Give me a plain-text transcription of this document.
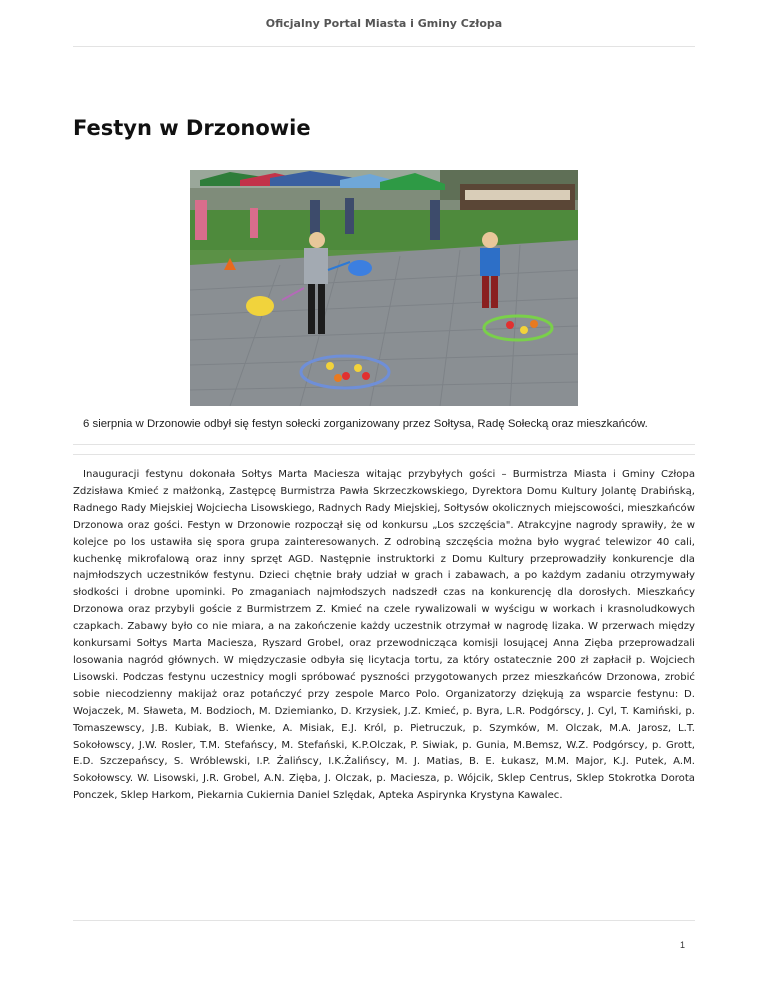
Oficjalny Portal Miasta i Gminy Człopa
Festyn w Drzonowie
6 sierpnia w Drzonowie odbył się festyn sołecki zorganizowany przez Sołtysa, Radę Sołecką oraz mieszkańców.

Inauguracji festynu dokonała Sołtys Marta Maciesza witając przybyłych gości – Burmistrza Miasta i Gminy Człopa Zdzisława Kmieć z małżonką, Zastępcę Burmistrza Pawła Skrzeczkowskiego, Dyrektora Domu Kultury Jolantę Drabińską, Radnego Rady Miejskiej Wojciecha Lisowskiego, Radnych Rady Miejskiej, Sołtysów okolicznych miejscowości, mieszkańców Drzonowa oraz gości. Festyn w Drzonowie rozpoczął się od konkursu „Los szczęścia". Atrakcyjne nagrody sprawiły, że w kolejce po los ustawiła się spora grupa zainteresowanych. Z odrobiną szczęścia można było wygrać telewizor 40 cali, kuchenkę mikrofalową oraz inny sprzęt AGD. Następnie instruktorki z Domu Kultury przeprowadziły konkurencje dla najmłodszych uczestników festynu. Dzieci chętnie brały udział w grach i zabawach, a po każdym zadaniu otrzymywały słodkości i drobne upominki. Po zmaganiach najmłodszych nadszedł czas na konkurencję dla dorosłych. Mieszkańcy Drzonowa oraz przybyli goście z Burmistrzem Z. Kmieć na czele rywalizowali w wyścigu w workach i krasnoludkowych czapkach. Zabawy było co nie miara, a na zakończenie każdy uczestnik otrzymał w nagrodę lizaka. W przerwach między konkursami Sołtys Marta Maciesza, Ryszard Grobel, oraz przewodnicząca komisji losującej Anna Zięba przeprowadzali losowania nagród głównych. W międzyczasie odbyła się licytacja tortu, za który ostatecznie 200 zł zapłacił p. Wojciech Lisowski. Podczas festynu uczestnicy mogli spróbować pyszności przygotowanych przez mieszkańców Drzonowa, zrobić sobie niecodzienny makijaż oraz potańczyć przy zespole Marco Polo. Organizatorzy dziękują za wsparcie festynu: D. Wojaczek, M. Sławeta, M. Bodzioch, M. Dziemianko, D. Krzysiek, J.Z. Kmieć, p. Byra, L.R. Podgórscy, J. Cyl, T. Kamiński, p. Tomaszewscy, J.B. Kubiak, B. Wienke, A. Misiak, E.J. Król, p. Pietruczuk, p. Szymków, M. Olczak, M.A. Jarosz, L.T. Sokołowscy, J.W. Rosler, T.M. Stefańscy, M. Stefański, K.P.Olczak, P. Siwiak, p. Gunia, M.Bemsz, W.Z. Podgórscy, p. Grott, E.D. Szczepańscy, S. Wróblewski, I.P. Żalińscy, I.K.Żalińscy, M. J. Matias, B. E. Łukasz, M.M. Major, K.J. Putek, A.M. Sokołowscy. W. Lisowski, J.R. Grobel, A.N. Zięba, J. Olczak, p. Maciesza, p. Wójcik, Sklep Centrus, Sklep Stokrotka Dorota Ponczek, Sklep Harkom, Piekarnia Cukiernia Daniel Szlędak, Apteka Aspirynka Krystyna Kawalec.

1
